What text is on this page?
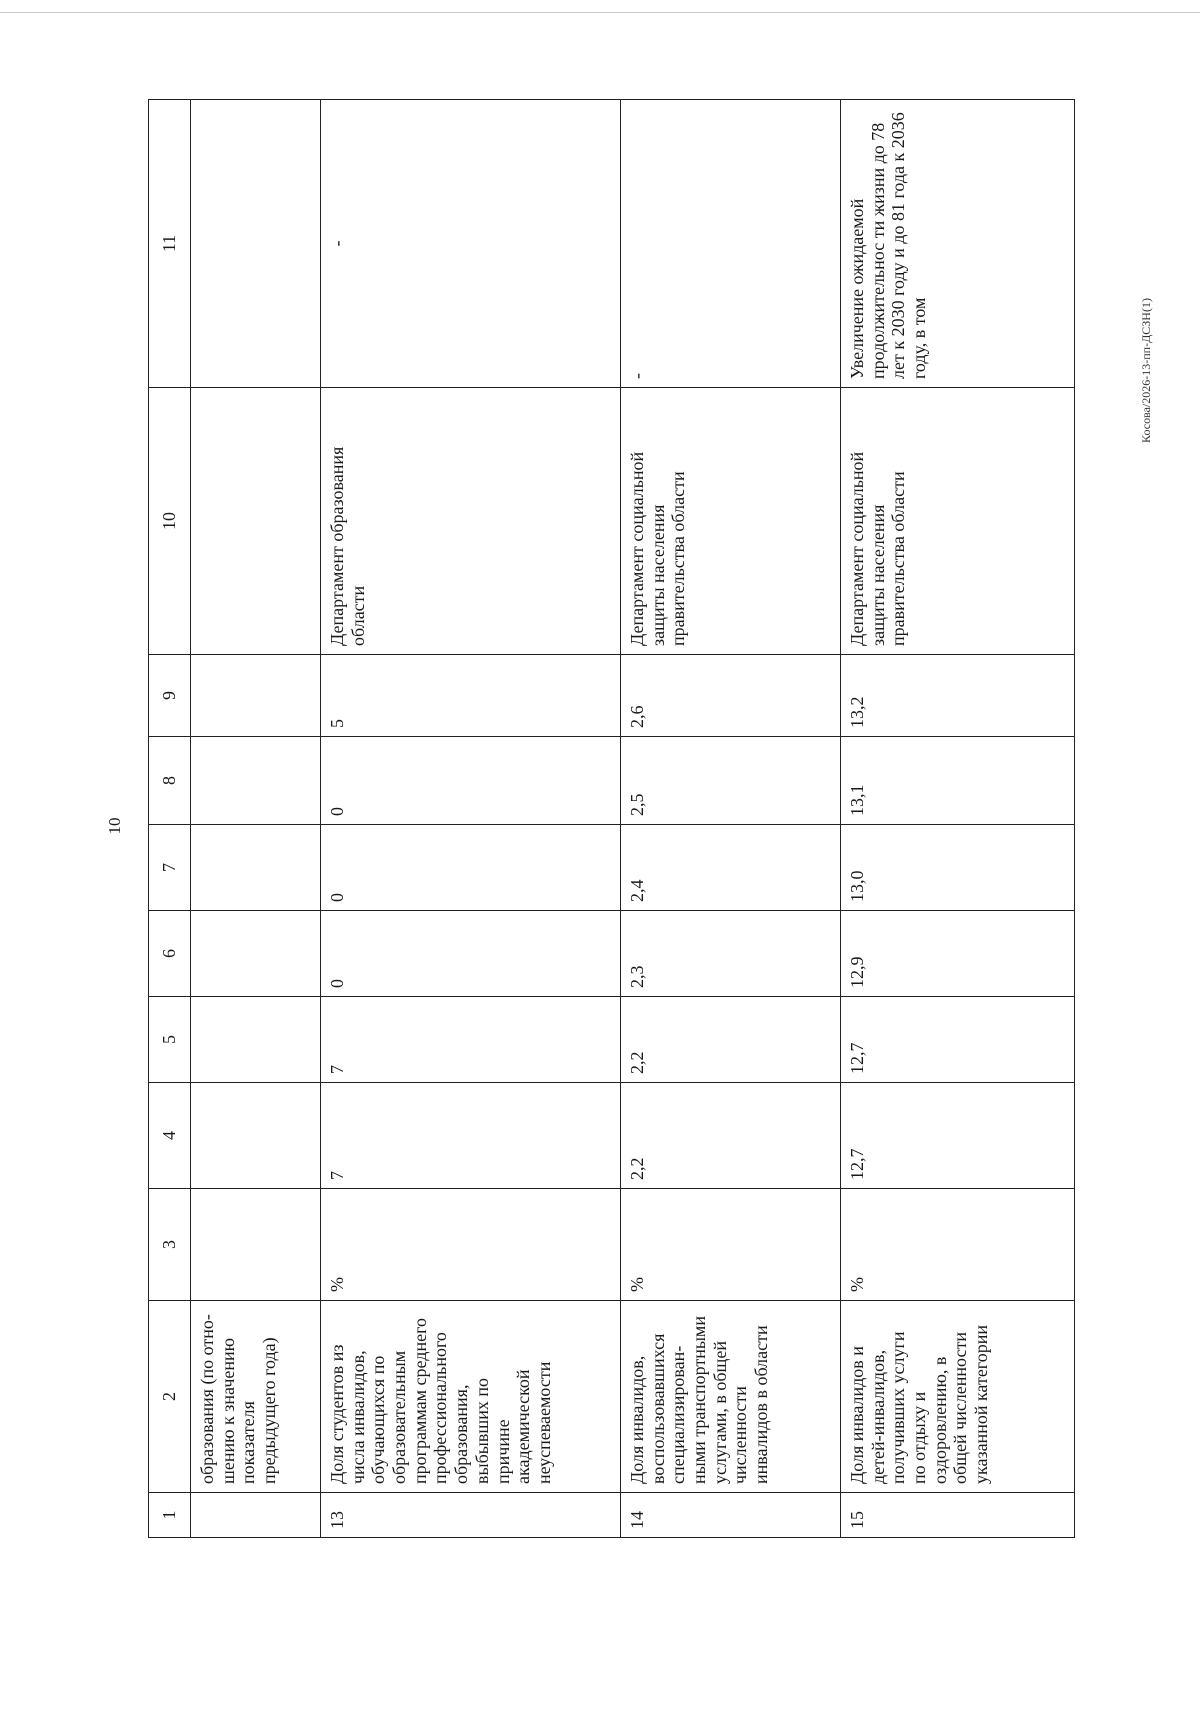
10
Косова/2026-13-пп-ДСЗН(1)
1	2	3	4	5	6	7	8	9	10	11
	образования (по отно-шению к значению показателя предыдущего года)									
13	Доля студентов из числа инвалидов, обучающихся по образовательным программам среднего профессионального образования, выбывших по причине академической неуспеваемости	%	7	7	0	0	0	5	Департамент образования области	-
14	Доля инвалидов, воспользовавшихся специализирован-ными транспортными услугами, в общей численности инвалидов в области	%	2,2	2,2	2,3	2,4	2,5	2,6	Департамент социальной защиты населения правительства области	-
15	Доля инвалидов и детей-инвалидов, получивших услуги по отдыху и оздоровлению, в общей численности указанной категории	%	12,7	12,7	12,9	13,0	13,1	13,2	Департамент социальной защиты населения правительства области	Увеличение ожидаемой продолжительнос ти жизни до 78 лет к 2030 году и до 81 года к 2036 году, в том
